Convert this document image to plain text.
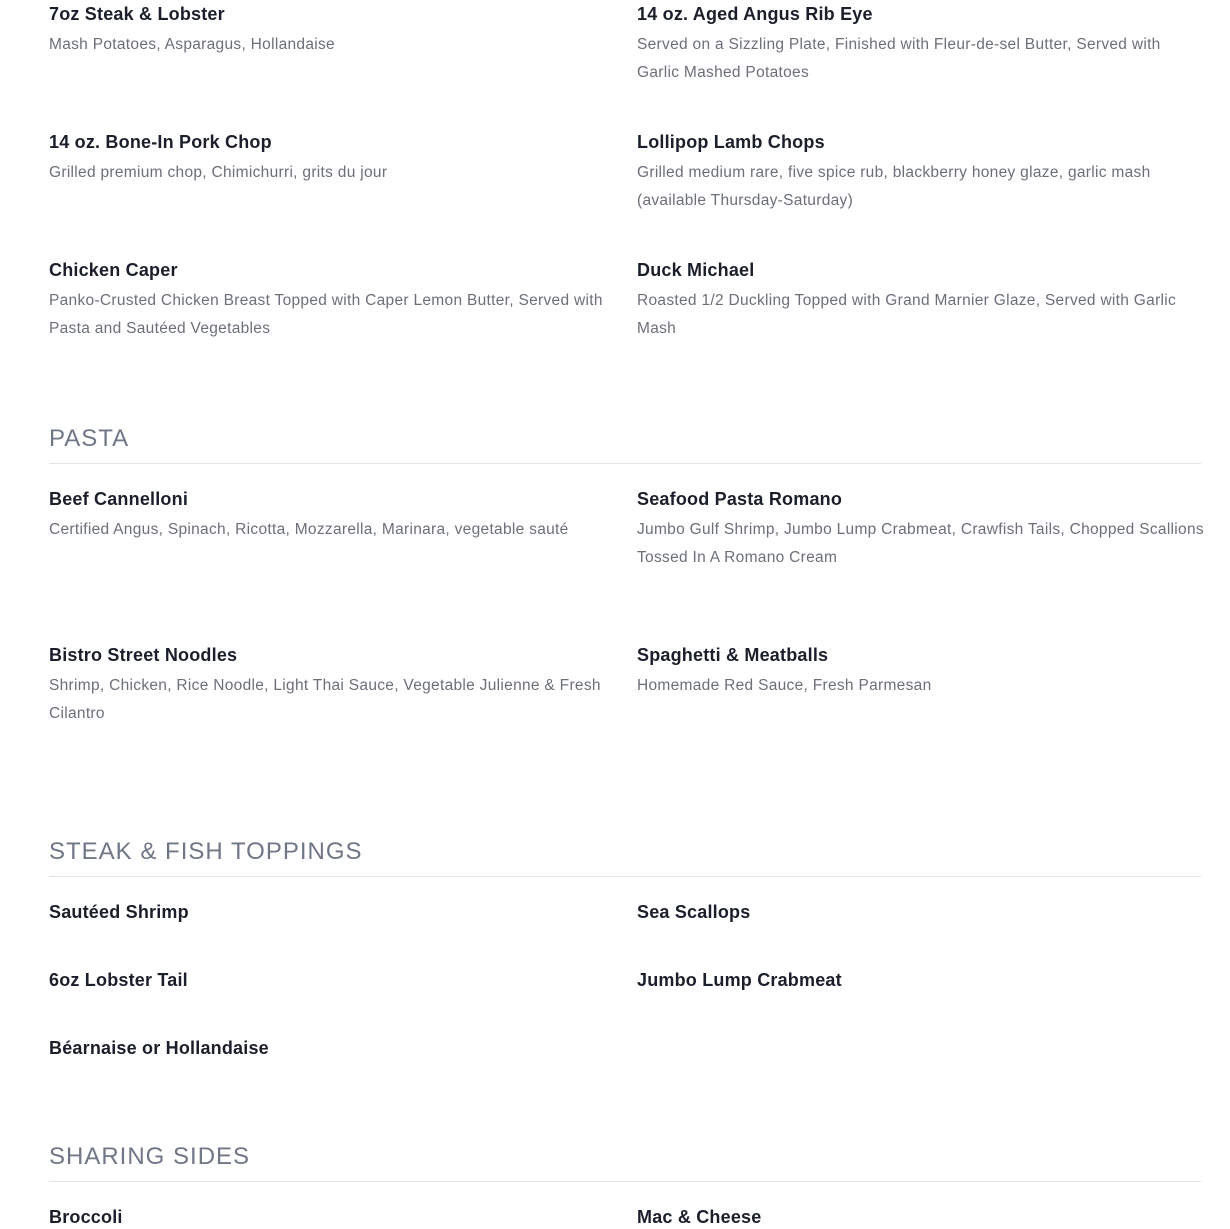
7oz Steak & Lobster
Mash Potatoes, Asparagus, Hollandaise
14 oz. Aged Angus Rib Eye
Served on a Sizzling Plate, Finished with Fleur-de-sel Butter, Served with Garlic Mashed Potatoes
14 oz. Bone-In Pork Chop
Grilled premium chop, Chimichurri, grits du jour
Lollipop Lamb Chops
Grilled medium rare, five spice rub, blackberry honey glaze, garlic mash (available Thursday-Saturday)
Chicken Caper
Panko-Crusted Chicken Breast Topped with Caper Lemon Butter, Served with Pasta and Sautéed Vegetables
Duck Michael
Roasted 1/2 Duckling Topped with Grand Marnier Glaze, Served with Garlic Mash
PASTA
Beef Cannelloni
Certified Angus, Spinach, Ricotta, Mozzarella, Marinara, vegetable sauté
Seafood Pasta Romano
Jumbo Gulf Shrimp, Jumbo Lump Crabmeat, Crawfish Tails, Chopped Scallions Tossed In A Romano Cream
Bistro Street Noodles
Shrimp, Chicken, Rice Noodle, Light Thai Sauce, Vegetable Julienne & Fresh Cilantro
Spaghetti & Meatballs
Homemade Red Sauce, Fresh Parmesan
STEAK & FISH TOPPINGS
Sautéed Shrimp	Sea Scallops
6oz Lobster Tail	Jumbo Lump Crabmeat
Béarnaise or Hollandaise
SHARING SIDES
Broccoli	Mac & Cheese
